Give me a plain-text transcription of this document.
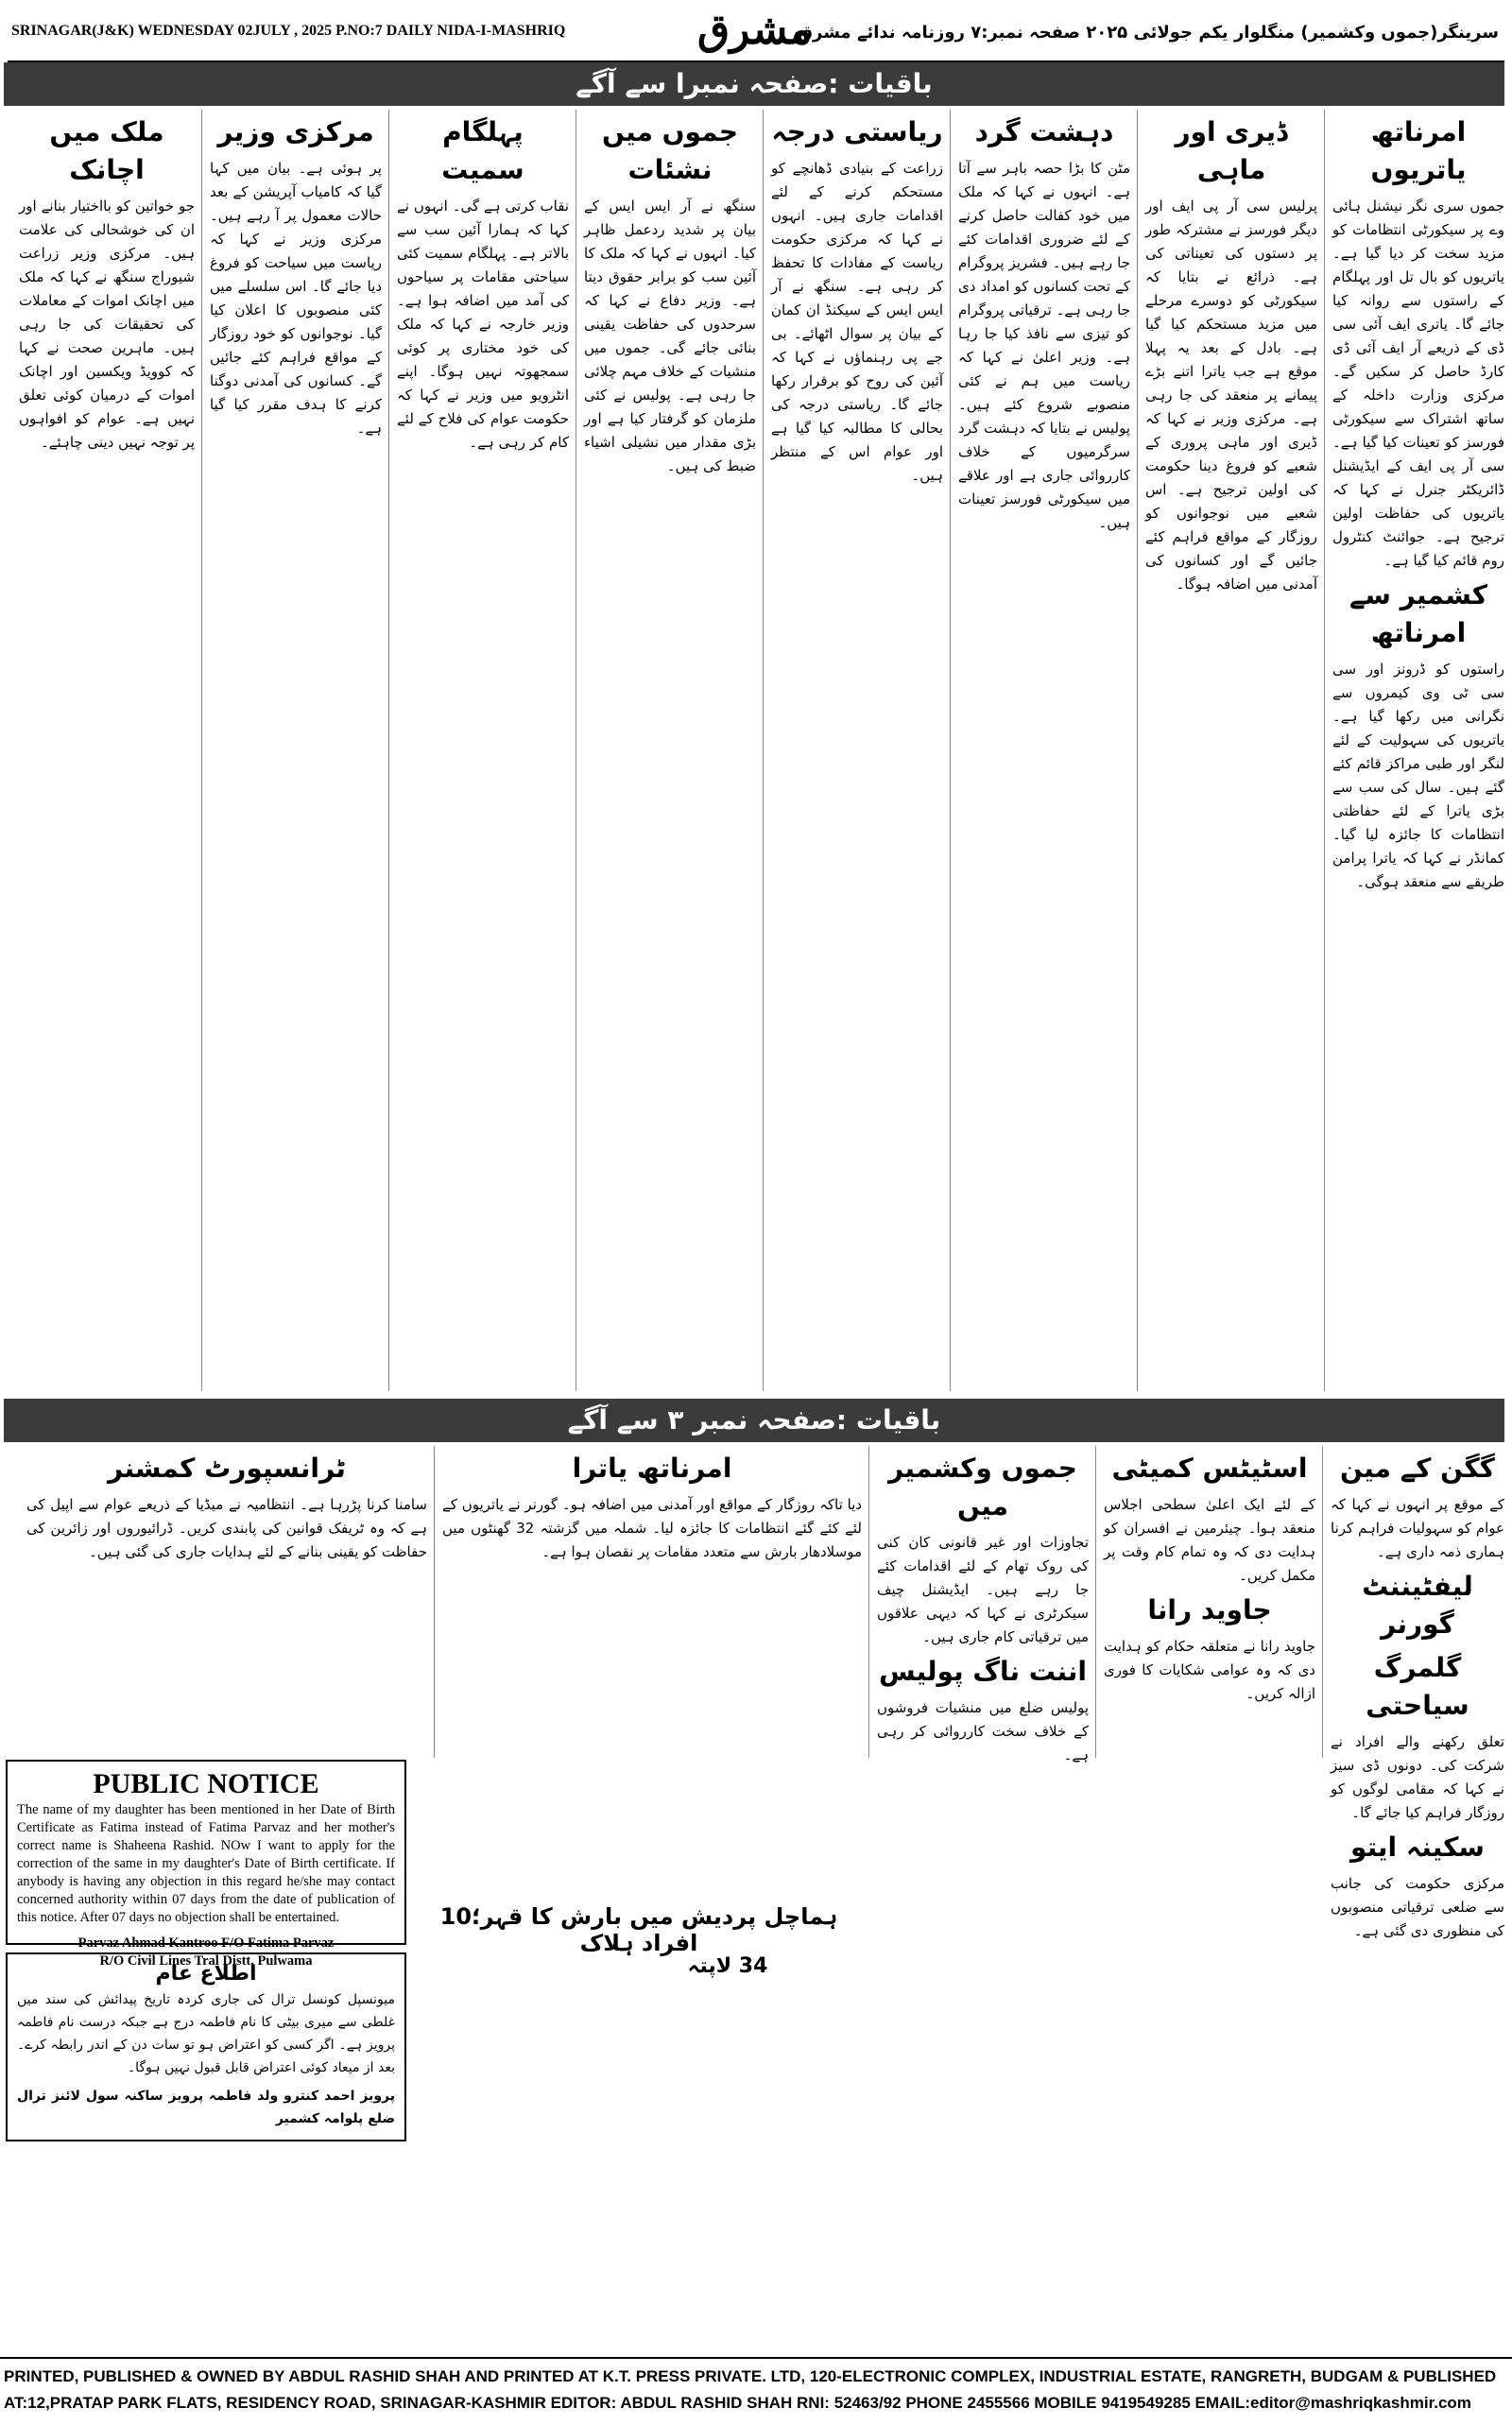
SRINAGAR(J&K) WEDNESDAY 02JULY , 2025 P.NO:7 DAILY NIDA-I-MASHRIQ	مشرق
سرینگر(جموں وکشمیر) منگلوار یکم جولائی ۲۰۲۵ صفحہ نمبر:۷ روزنامہ ندائے مشرق
باقیات :صفحہ نمبرا سے آگے
امرناتھ یاتریوں

جموں سری نگر نیشنل ہائی وے پر سیکورٹی انتظامات کو مزید سخت کر دیا گیا ہے۔ یاتریوں کو بال تل اور پہلگام کے راستوں سے روانہ کیا جائے گا۔ یاتری ایف آئی سی ڈی کے ذریعے آر ایف آئی ڈی کارڈ حاصل کر سکیں گے۔ مرکزی وزارت داخلہ کے ساتھ اشتراک سے سیکورٹی فورسز کو تعینات کیا گیا ہے۔ سی آر پی ایف کے ایڈیشنل ڈائریکٹر جنرل نے کہا کہ یاتریوں کی حفاظت اولین ترجیح ہے۔ جوائنٹ کنٹرول روم قائم کیا گیا ہے۔

کشمیر سے امرناتھ

راستوں کو ڈرونز اور سی سی ٹی وی کیمروں سے نگرانی میں رکھا گیا ہے۔ یاتریوں کی سہولیت کے لئے لنگر اور طبی مراکز قائم کئے گئے ہیں۔ سال کی سب سے بڑی یاترا کے لئے حفاظتی انتظامات کا جائزہ لیا گیا۔ کمانڈر نے کہا کہ یاترا پرامن طریقے سے منعقد ہوگی۔

ڈیری اور ماہی

پرلیس سی آر پی ایف اور دیگر فورسز نے مشترکہ طور پر دستوں کی تعیناتی کی ہے۔ ذرائع نے بتایا کہ سیکورٹی کو دوسرے مرحلے میں مزید مستحکم کیا گیا ہے۔ بادل کے بعد یہ پہلا موقع ہے جب یاترا اتنے بڑے پیمانے پر منعقد کی جا رہی ہے۔ مرکزی وزیر نے کہا کہ ڈیری اور ماہی پروری کے شعبے کو فروغ دینا حکومت کی اولین ترجیح ہے۔ اس شعبے میں نوجوانوں کو روزگار کے مواقع فراہم کئے جائیں گے اور کسانوں کی آمدنی میں اضافہ ہوگا۔

دہشت گرد

مٹن کا بڑا حصہ باہر سے آتا ہے۔ انہوں نے کہا کہ ملک میں خود کفالت حاصل کرنے کے لئے ضروری اقدامات کئے جا رہے ہیں۔ فشریز پروگرام کے تحت کسانوں کو امداد دی جا رہی ہے۔ ترقیاتی پروگرام کو تیزی سے نافذ کیا جا رہا ہے۔ وزیر اعلیٰ نے کہا کہ ریاست میں ہم نے کئی منصوبے شروع کئے ہیں۔ پولیس نے بتایا کہ دہشت گرد سرگرمیوں کے خلاف کارروائی جاری ہے اور علاقے میں سیکورٹی فورسز تعینات ہیں۔

ریاستی درجہ

زراعت کے بنیادی ڈھانچے کو مستحکم کرنے کے لئے اقدامات جاری ہیں۔ انہوں نے کہا کہ مرکزی حکومت ریاست کے مفادات کا تحفظ کر رہی ہے۔ سنگھ نے آر ایس ایس کے سیکنڈ ان کمان کے بیان پر سوال اٹھائے۔ بی جے پی رہنماؤں نے کہا کہ آئین کی روح کو برقرار رکھا جائے گا۔ ریاستی درجہ کی بحالی کا مطالبہ کیا گیا ہے اور عوام اس کے منتظر ہیں۔

جموں میں نشئات

سنگھ نے آر ایس ایس کے بیان پر شدید ردعمل ظاہر کیا۔ انہوں نے کہا کہ ملک کا آئین سب کو برابر حقوق دیتا ہے۔ وزیر دفاع نے کہا کہ سرحدوں کی حفاظت یقینی بنائی جائے گی۔ جموں میں منشیات کے خلاف مہم چلائی جا رہی ہے۔ پولیس نے کئی ملزمان کو گرفتار کیا ہے اور بڑی مقدار میں نشیلی اشیاء ضبط کی ہیں۔

پہلگام سمیت

نقاب کرتی ہے گی۔ انہوں نے کہا کہ ہمارا آئین سب سے بالاتر ہے۔ پہلگام سمیت کئی سیاحتی مقامات پر سیاحوں کی آمد میں اضافہ ہوا ہے۔ وزیر خارجہ نے کہا کہ ملک کی خود مختاری پر کوئی سمجھوتہ نہیں ہوگا۔ اپنے انٹرویو میں وزیر نے کہا کہ حکومت عوام کی فلاح کے لئے کام کر رہی ہے۔

مرکزی وزیر

پر ہوئی ہے۔ بیان میں کہا گیا کہ کامیاب آپریشن کے بعد حالات معمول پر آ رہے ہیں۔ مرکزی وزیر نے کہا کہ ریاست میں سیاحت کو فروغ دیا جائے گا۔ اس سلسلے میں کئی منصوبوں کا اعلان کیا گیا۔ نوجوانوں کو خود روزگار کے مواقع فراہم کئے جائیں گے۔ کسانوں کی آمدنی دوگنا کرنے کا ہدف مقرر کیا گیا ہے۔

ملک میں اچانک

جو خواتین کو بااختیار بنانے اور ان کی خوشحالی کی علامت ہیں۔ مرکزی وزیر زراعت شیوراج سنگھ نے کہا کہ ملک میں اچانک اموات کے معاملات کی تحقیقات کی جا رہی ہیں۔ ماہرین صحت نے کہا کہ کوویڈ ویکسین اور اچانک اموات کے درمیان کوئی تعلق نہیں ہے۔ عوام کو افواہوں پر توجہ نہیں دینی چاہئے۔

باقیات :صفحہ نمبر ۳ سے آگے
گگن کے مین

کے موقع پر انہوں نے کہا کہ عوام کو سہولیات فراہم کرنا ہماری ذمہ داری ہے۔

لیفٹیننٹ گورنر
گلمرگ سیاحتی

تعلق رکھنے والے افراد نے شرکت کی۔ دونوں ڈی سیز نے کہا کہ مقامی لوگوں کو روزگار فراہم کیا جائے گا۔

سکینہ ایتو

مرکزی حکومت کی جانب سے ضلعی ترقیاتی منصوبوں کی منظوری دی گئی ہے۔

اسٹیٹس کمیٹی

کے لئے ایک اعلیٰ سطحی اجلاس منعقد ہوا۔ چیئرمین نے افسران کو ہدایت دی کہ وہ تمام کام وقت پر مکمل کریں۔

جاوید رانا

جاوید رانا نے متعلقہ حکام کو ہدایت دی کہ وہ عوامی شکایات کا فوری ازالہ کریں۔

جموں وکشمیر میں

تجاوزات اور غیر قانونی کان کنی کی روک تھام کے لئے اقدامات کئے جا رہے ہیں۔ ایڈیشنل چیف سیکرٹری نے کہا کہ دیہی علاقوں میں ترقیاتی کام جاری ہیں۔

اننت ناگ پولیس

پولیس ضلع میں منشیات فروشوں کے خلاف سخت کارروائی کر رہی ہے۔

امرناتھ یاترا

دیا تاکہ روزگار کے مواقع اور آمدنی میں اضافہ ہو۔ گورنر نے یاتریوں کے لئے کئے گئے انتظامات کا جائزہ لیا۔ شملہ میں گزشتہ 32 گھنٹوں میں موسلادھار بارش سے متعدد مقامات پر نقصان ہوا ہے۔

ٹرانسپورٹ کمشنر

سامنا کرنا پڑرہا ہے۔ انتظامیہ نے میڈیا کے ذریعے عوام سے اپیل کی ہے کہ وہ ٹریفک قوانین کی پابندی کریں۔ ڈرائیوروں اور زائرین کی حفاظت کو یقینی بنانے کے لئے ہدایات جاری کی گئی ہیں۔

ہماچل پردیش میں بارش کا قہر؛10 افراد ہلاک
34 لاپتہ
PUBLIC NOTICE
The name of my daughter has been mentioned in her Date of Birth Certificate as Fatima instead of Fatima Parvaz and her mother's correct name is Shaheena Rashid. NOw I want to apply for the correction of the same in my daughter's Date of Birth certificate. If anybody is having any objection in this regard he/she may contact concerned authority within 07 days from the date of publication of this notice. After 07 days no objection shall be entertained.
Parvaz Ahmad Kantroo F/O Fatima Parvaz
R/O Civil Lines Tral Distt. Pulwama
اطلاع عام
میونسپل کونسل ترال کی جاری کردہ تاریخ پیدائش کی سند میں غلطی سے میری بیٹی کا نام فاطمہ درج ہے جبکہ درست نام فاطمہ پرویز ہے۔ اگر کسی کو اعتراض ہو تو سات دن کے اندر رابطہ کرے۔ بعد از میعاد کوئی اعتراض قابل قبول نہیں ہوگا۔
پرویز احمد کنترو ولد فاطمہ پرویز ساکنہ سول لائنز ترال ضلع پلوامہ کشمیر
PRINTED, PUBLISHED & OWNED BY ABDUL RASHID SHAH AND PRINTED AT K.T. PRESS PRIVATE. LTD, 120-ELECTRONIC COMPLEX, INDUSTRIAL ESTATE, RANGRETH, BUDGAM & PUBLISHED
AT:12,PRATAP PARK FLATS, RESIDENCY ROAD, SRINAGAR-KASHMIR EDITOR: ABDUL RASHID SHAH RNI: 52463/92 PHONE 2455566 MOBILE 9419549285 EMAIL:editor@mashriqkashmir.com
